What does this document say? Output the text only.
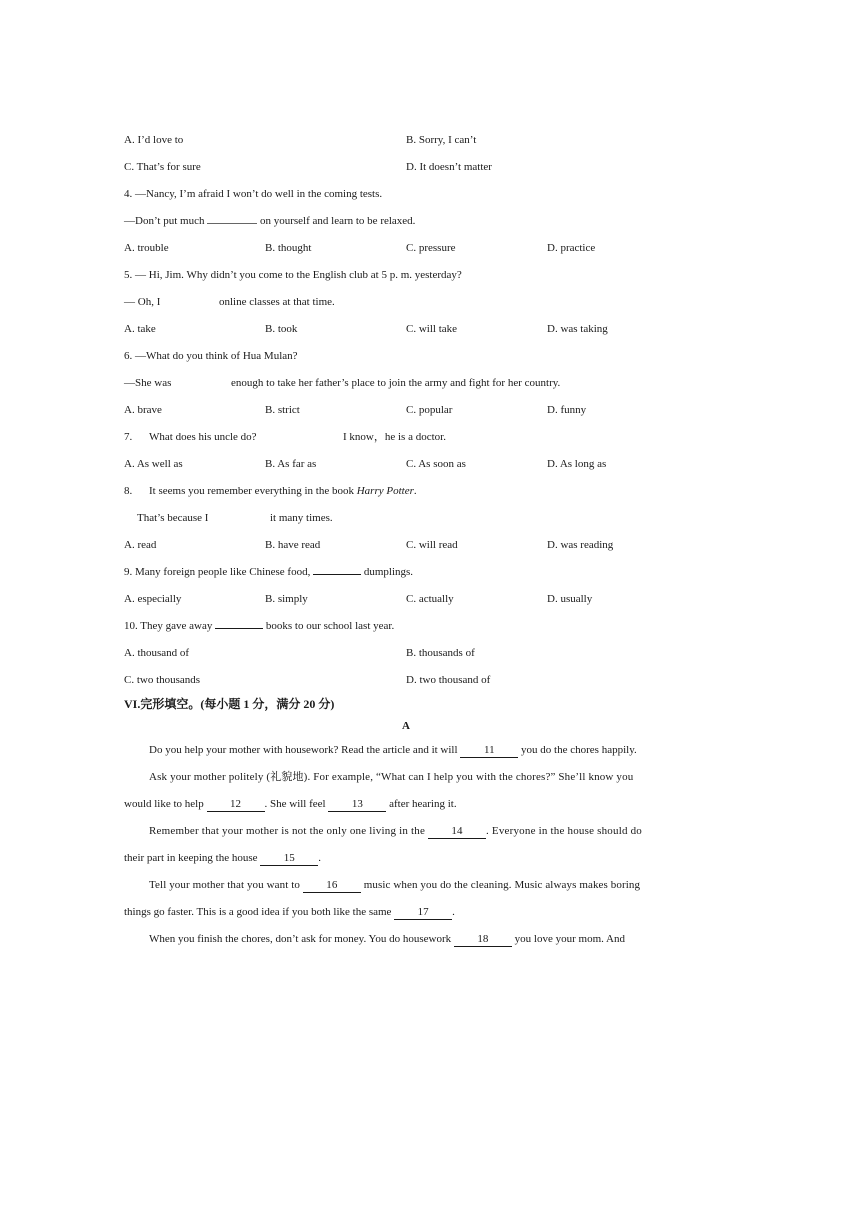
A. I’d love to	B. Sorry, I can’t
C. That’s for sure	D. It doesn’t matter
4. —Nancy, I’m afraid I won’t do well in the coming tests.
—Don’t put much	on yourself and learn to be relaxed.
A. trouble	B. thought	C. pressure	D. practice
5. — Hi, Jim. Why didn’t you come to the English club at 5 p. m. yesterday?
— Oh, I	online classes at that time.
A. take	B. took	C. will take	D. was taking
6. —What do you think of Hua Mulan?
—She was	enough to take her father’s place to join the army and fight for her country.
A. brave	B. strict	C. popular	D. funny
7. What does his uncle do?	I know，he is a doctor.
A. As well as	B. As far as	C. As soon as	D. As long as
8. It seems you remember everything in the book Harry Potter.
That’s because I	it many times.
A. read	B. have read	C. will read	D. was reading
9. Many foreign people like Chinese food,	dumplings.
A. especially	B. simply	C. actually	D. usually
10. They gave away	books to our school last year.
A. thousand of	B. thousands of
C. two thousands	D. two thousand of
VI.完形填空。(每小题 1 分，满分 20 分)
A
Do you help your mother with housework? Read the article and it will 11 you do the chores happily.
Ask your mother politely (礼貌地). For example, “What can I help you with the chores?” She’ll know you
would like to help 12 . She will feel 13 after hearing it.
Remember that your mother is not the only one living in the 14 . Everyone in the house should do
their part in keeping the house 15 .
Tell your mother that you want to 16 music when you do the cleaning. Music always makes boring
things go faster. This is a good idea if you both like the same 17 .
When you finish the chores, don’t ask for money. You do housework 18 you love your mom. And
